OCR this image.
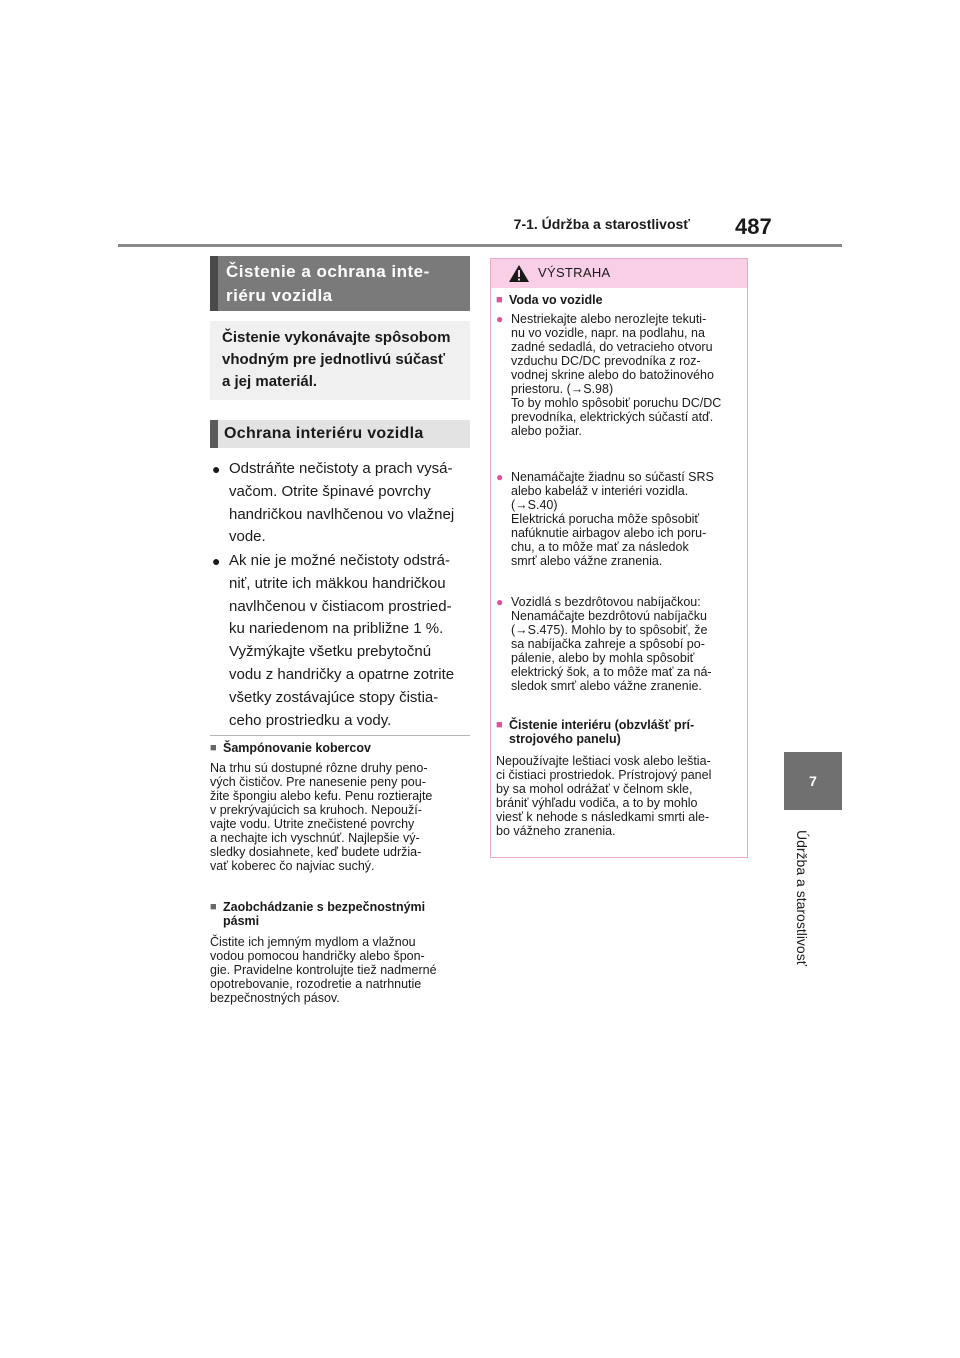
7-1. Údržba a starostlivosť 487
7
Údržba a starostlivosť
Čistenie a ochrana inte-
riéru vozidla
Čistenie vykonávajte spôsobom
vhodným pre jednotlivú súčasť
a jej materiál.
Ochrana interiéru vozidla
● Odstráňte nečistoty a prach vysá-
vačom. Otrite špinavé povrchy
handričkou navlhčenou vo vlažnej
vode.
● Ak nie je možné nečistoty odstrá-
niť, utrite ich mäkkou handričkou
navlhčenou v čistiacom prostried-
ku nariedenom na približne 1 %.
Vyžmýkajte všetku prebytočnú
vodu z handričky a opatrne zotrite
všetky zostávajúce stopy čistia-
ceho prostriedku a vody.
■ Šampónovanie kobercov
Na trhu sú dostupné rôzne druhy peno-
vých čističov. Pre nanesenie peny pou-
žite špongiu alebo kefu. Penu roztierajte
v prekrývajúcich sa kruhoch. Nepouží-
vajte vodu. Utrite znečistené povrchy
a nechajte ich vyschnúť. Najlepšie vý-
sledky dosiahnete, keď budete udržia-
vať koberec čo najviac suchý.
■ Zaobchádzanie s bezpečnostnými
pásmi
Čistite ich jemným mydlom a vlažnou
vodou pomocou handričky alebo špon-
gie. Pravidelne kontrolujte tiež nadmerné
opotrebovanie, rozodretie a natrhnutie
bezpečnostných pásov.
VÝSTRAHA
■ Voda vo vozidle
● Nestriekajte alebo nerozlejte tekuti-
nu vo vozidle, napr. na podlahu, na
zadné sedadlá, do vetracieho otvoru
vzduchu DC/DC prevodníka z roz-
vodnej skrine alebo do batožinového
priestoru. (→S.98)
To by mohlo spôsobiť poruchu DC/DC
prevodníka, elektrických súčastí atď.
alebo požiar.
● Nenamáčajte žiadnu so súčastí SRS
alebo kabeláž v interiéri vozidla.
(→S.40)
Elektrická porucha môže spôsobiť
nafúknutie airbagov alebo ich poru-
chu, a to môže mať za následok
smrť alebo vážne zranenia.
● Vozidlá s bezdrôtovou nabíjačkou:
Nenamáčajte bezdrôtovú nabíjačku
(→S.475). Mohlo by to spôsobiť, že
sa nabíjačka zahreje a spôsobí po-
pálenie, alebo by mohla spôsobiť
elektrický šok, a to môže mať za ná-
sledok smrť alebo vážne zranenie.
■ Čistenie interiéru (obzvlášť prí-
strojového panelu)
Nepoužívajte leštiaci vosk alebo leštia-
ci čistiaci prostriedok. Prístrojový panel
by sa mohol odrážať v čelnom skle,
brániť výhľadu vodiča, a to by mohlo
viesť k nehode s následkami smrti ale-
bo vážneho zranenia.
